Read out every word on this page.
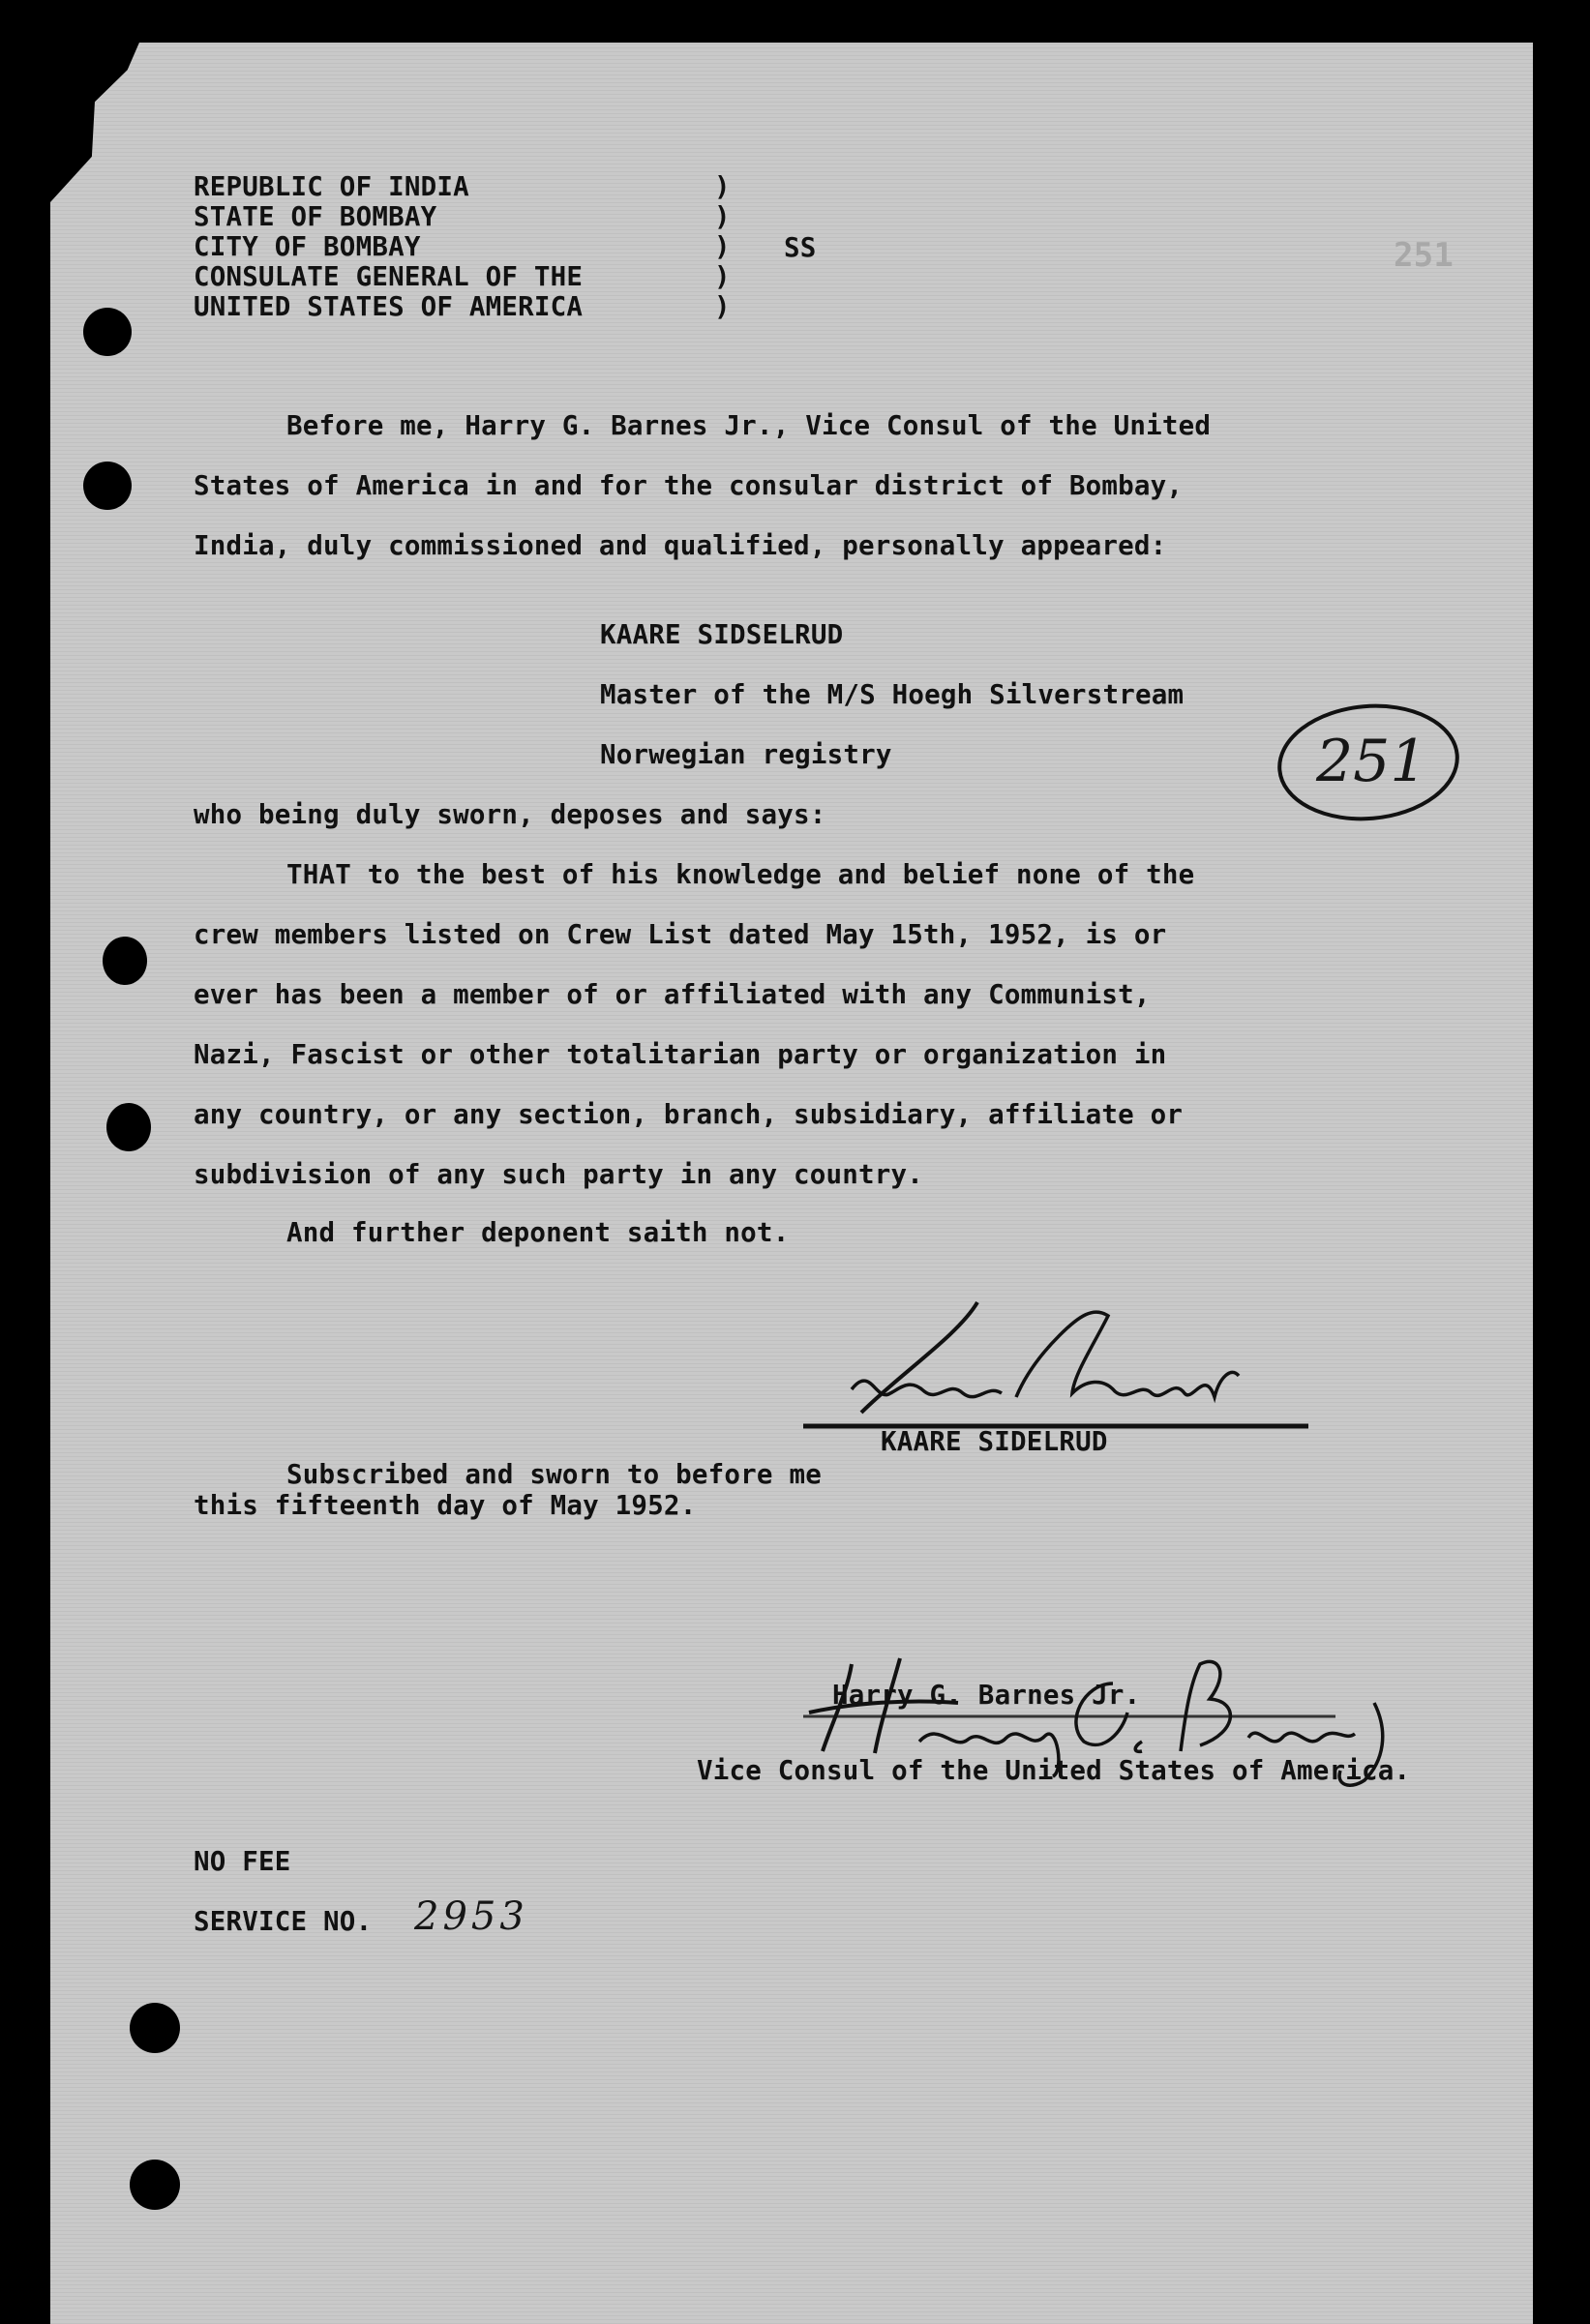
REPUBLIC OF INDIA

STATE OF BOMBAY

CITY OF BOMBAY

CONSULATE GENERAL OF THE

UNITED STATES OF AMERICA

)

)

)

)

)

SS	251

Before me, Harry G. Barnes Jr., Vice Consul of the United

States of America in and for the consular district of Bombay,

India, duly commissioned and qualified, personally appeared:

KAARE SIDSELRUD

Master of the M/S Hoegh Silverstream

Norwegian registry	251

who being duly sworn, deposes and says:

THAT to the best of his knowledge and belief none of the

crew members listed on Crew List dated May 15th, 1952, is or

ever has been a member of or affiliated with any Communist,

Nazi, Fascist or other totalitarian party or organization in

any country, or any section, branch, subsidiary, affiliate or

subdivision of any such party in any country.

And further deponent saith not.

KAARE SIDELRUD

Subscribed and sworn to before me

this fifteenth day of May 1952.

Harry G. Barnes Jr.

Vice Consul of the United States of America.

NO FEE

SERVICE NO. 2953
